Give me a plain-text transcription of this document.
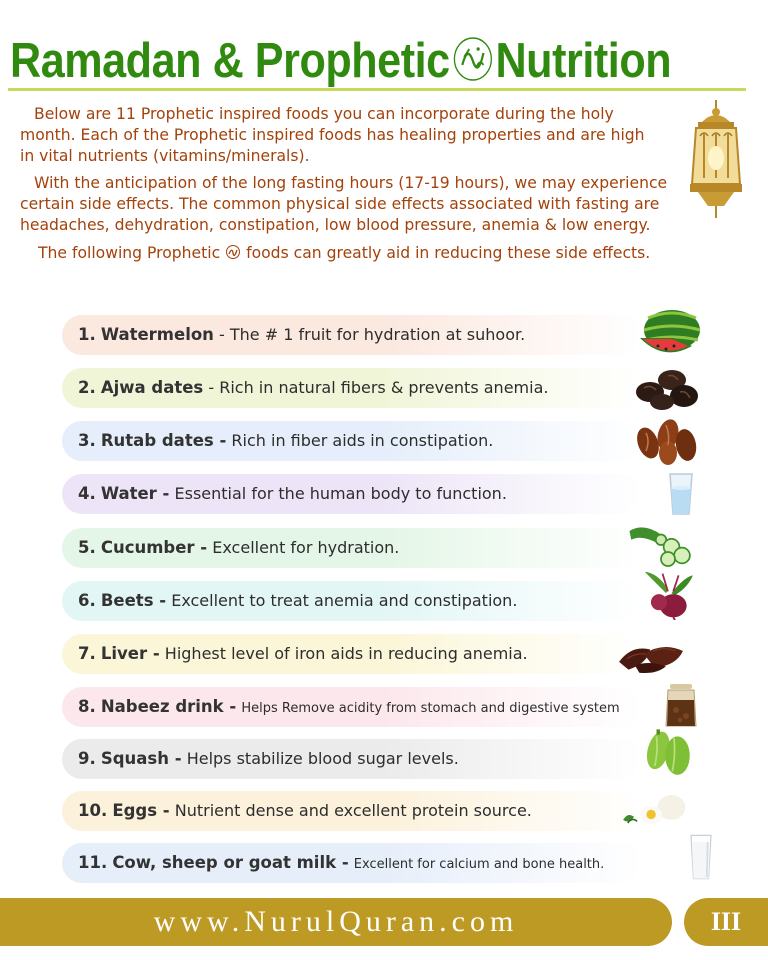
Ramadan & Prophetic Nutrition

Below are 11 Prophetic inspired foods you can incorporate during the holy month. Each of the Prophetic inspired foods has healing properties and are high in vital nutrients (vitamins/minerals).

With the anticipation of the long fasting hours (17-19 hours), we may experience certain side effects. The common physical side effects associated with fasting are headaches, dehydration, constipation, low blood pressure, anemia & low energy.

The following Prophetic foods can greatly aid in reducing these side effects.

1. Watermelon - The # 1 fruit for hydration at suhoor.
2. Ajwa dates - Rich in natural fibers & prevents anemia.
3. Rutab dates - Rich in fiber aids in constipation.
4. Water - Essential for the human body to function.
5. Cucumber - Excellent for hydration.
6. Beets - Excellent to treat anemia and constipation.
7. Liver - Highest level of iron aids in reducing anemia.
8. Nabeez drink - Helps Remove acidity from stomach and digestive system
9. Squash - Helps stabilize blood sugar levels.
10. Eggs - Nutrient dense and excellent protein source.
11. Cow, sheep or goat milk - Excellent for calcium and bone health.
www.NurulQuran.com	III
